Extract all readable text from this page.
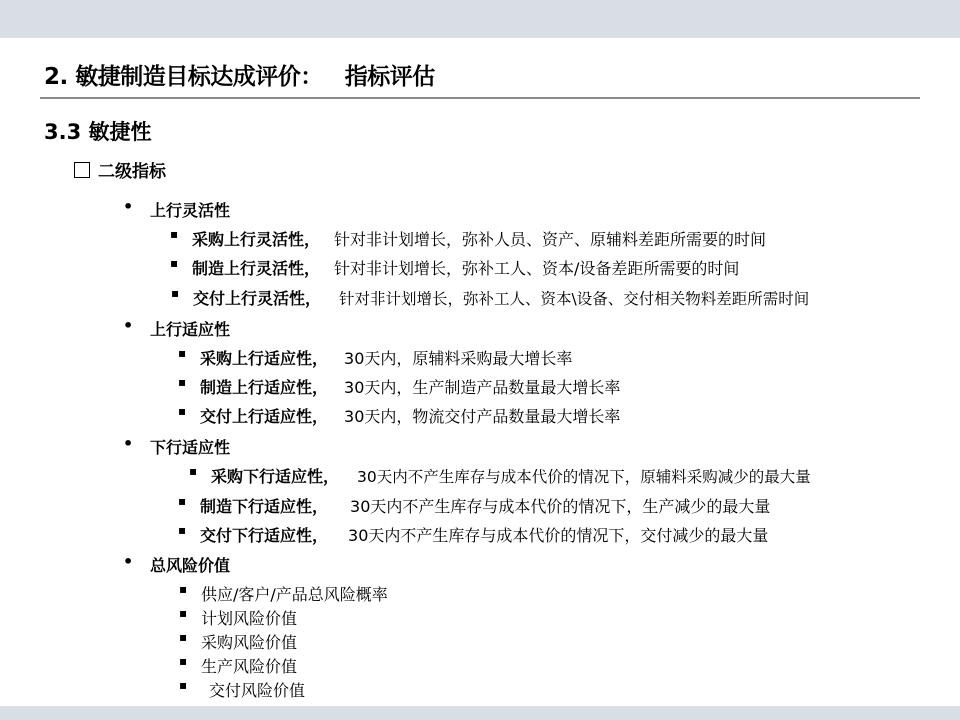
2. 敏捷制造目标达成评价： 指标评估
3.3 敏捷性
二级指标
• 上行灵活性
▪ 采购上行灵活性， 针对非计划增长，弥补人员、资产、原辅料差距所需要的时间
▪ 制造上行灵活性， 针对非计划增长，弥补工人、资本/设备差距所需要的时间
▪ 交付上行灵活性， 针对非计划增长，弥补工人、资本\设备、交付相关物料差距所需时间
• 上行适应性
▪ 采购上行适应性， 30天内，原辅料采购最大增长率
▪ 制造上行适应性， 30天内，生产制造产品数量最大增长率
▪ 交付上行适应性， 30天内，物流交付产品数量最大增长率
• 下行适应性
▪ 采购下行适应性， 30天内不产生库存与成本代价的情况下，原辅料采购减少的最大量
▪ 制造下行适应性， 30天内不产生库存与成本代价的情况下，生产减少的最大量
▪ 交付下行适应性， 30天内不产生库存与成本代价的情况下，交付减少的最大量
• 总风险价值
▪ 供应/客户/产品总风险概率
▪ 计划风险价值
▪ 采购风险价值
▪ 生产风险价值
▪ 交付风险价值
